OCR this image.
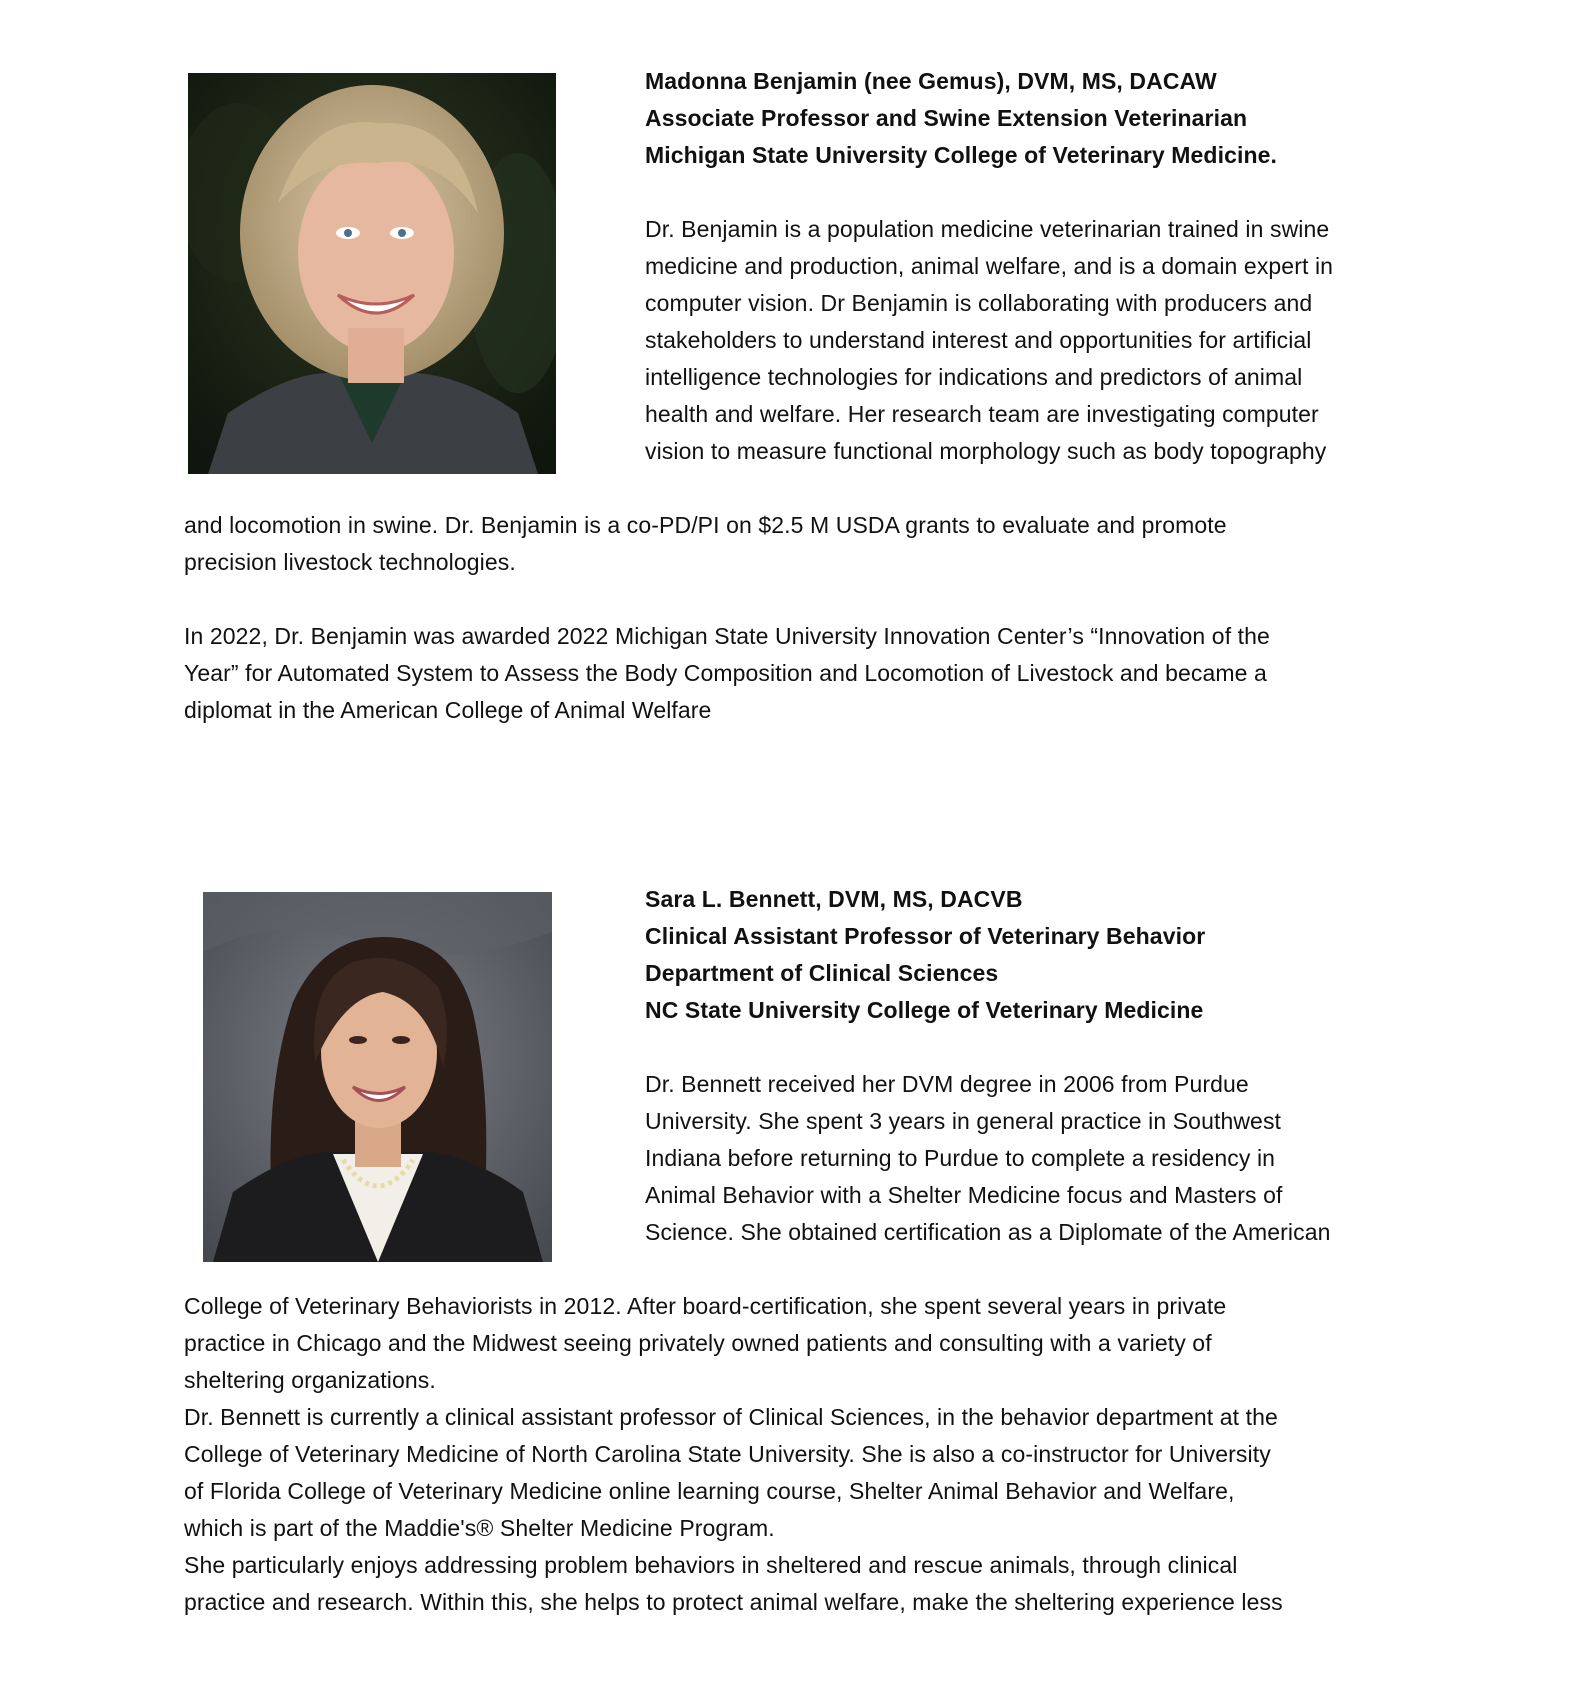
Madonna Benjamin (nee Gemus), DVM, MS, DACAW
Associate Professor and Swine Extension Veterinarian
Michigan State University College of Veterinary Medicine.
Dr. Benjamin is a population medicine veterinarian trained in swine
medicine and production, animal welfare, and is a domain expert in
computer vision. Dr Benjamin is collaborating with producers and
stakeholders to understand interest and opportunities for artificial
intelligence technologies for indications and predictors of animal
health and welfare. Her research team are investigating computer
vision to measure functional morphology such as body topography
and locomotion in swine. Dr. Benjamin is a co-PD/PI on $2.5 M USDA grants to evaluate and promote
precision livestock technologies.
In 2022, Dr. Benjamin was awarded 2022 Michigan State University Innovation Center’s “Innovation of the
Year” for Automated System to Assess the Body Composition and Locomotion of Livestock and became a
diplomat in the American College of Animal Welfare
Sara L. Bennett, DVM, MS, DACVB
Clinical Assistant Professor of Veterinary Behavior
Department of Clinical Sciences
NC State University College of Veterinary Medicine
Dr. Bennett received her DVM degree in 2006 from Purdue
University. She spent 3 years in general practice in Southwest
Indiana before returning to Purdue to complete a residency in
Animal Behavior with a Shelter Medicine focus and Masters of
Science. She obtained certification as a Diplomate of the American
College of Veterinary Behaviorists in 2012. After board-certification, she spent several years in private
practice in Chicago and the Midwest seeing privately owned patients and consulting with a variety of
sheltering organizations.
Dr. Bennett is currently a clinical assistant professor of Clinical Sciences, in the behavior department at the
College of Veterinary Medicine of North Carolina State University. She is also a co-instructor for University
of Florida College of Veterinary Medicine online learning course, Shelter Animal Behavior and Welfare,
which is part of the Maddie's® Shelter Medicine Program.
She particularly enjoys addressing problem behaviors in sheltered and rescue animals, through clinical
practice and research. Within this, she helps to protect animal welfare, make the sheltering experience less
